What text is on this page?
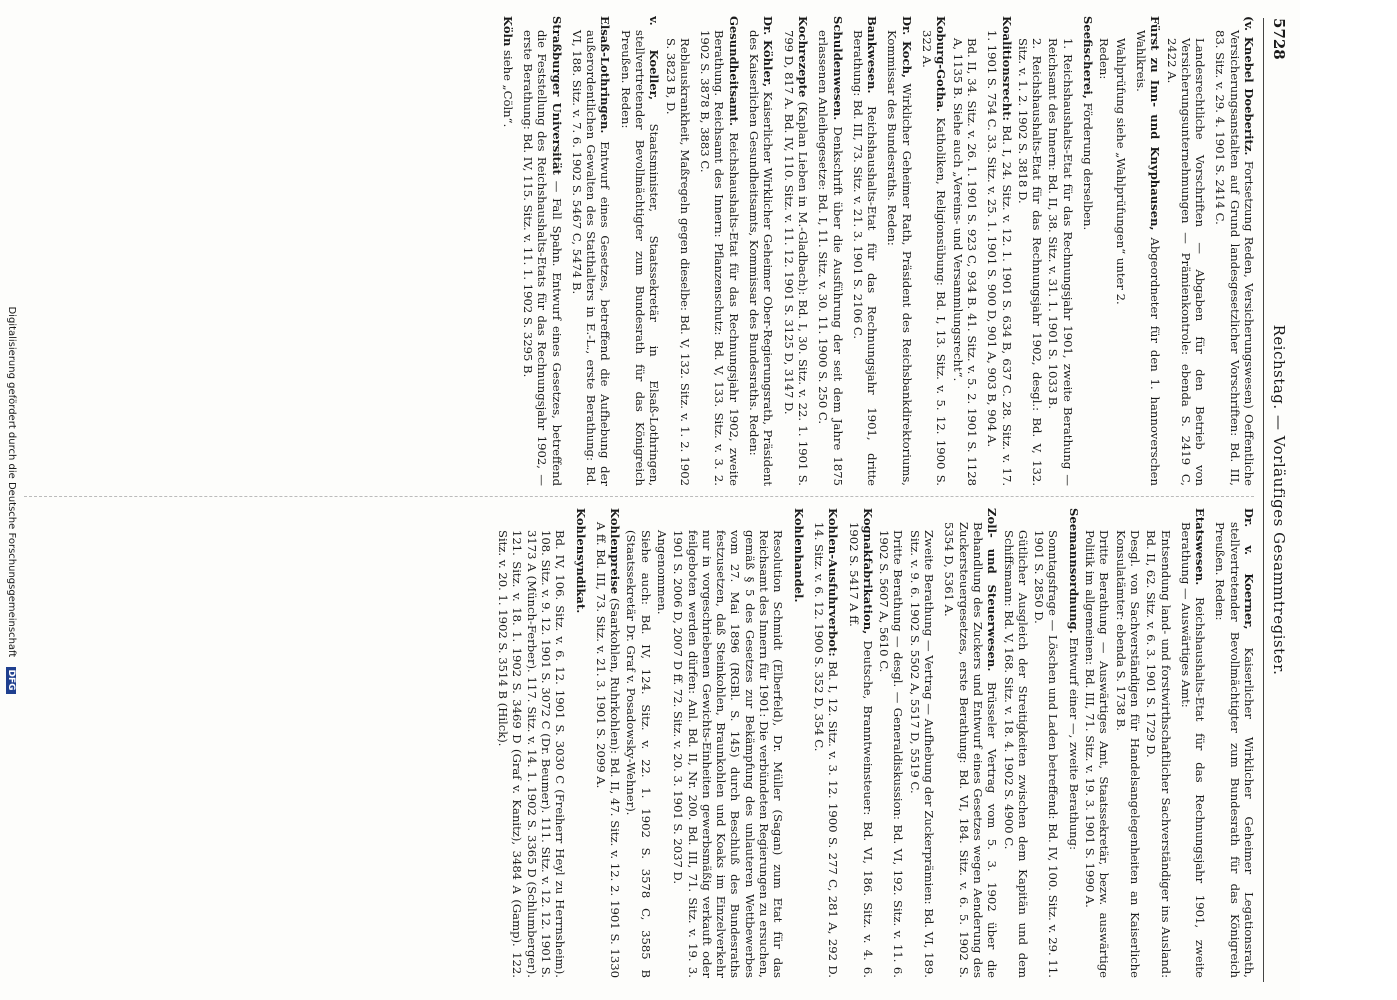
5728
Reichstag. — Vorläufiges Gesammtregister.
(v. Knebel Doeberitz. Fortsetzung Reden, Versicherungswesen) Oeffentliche Versicherungsanstalten auf Grund landesgesetzlicher Vorschriften: Bd. III, 83. Sitz. v. 29. 4. 1901 S. 2414 C.
Landesrechtliche Vorschriften — Abgaben für den Betrieb von Versicherungsunternehmungen — Prämienkontrole: ebenda S. 2419 C, 2422 A.
Fürst zu Inn- und Knyphausen, Abgeordneter für den 1. hannoverschen Wahlkreis.
Wahlprüfung siehe „Wahlprüfungen“ unter 2.
Reden:
Seefischerei, Förderung derselben.
1. Reichshaushalts-Etat für das Rechnungsjahr 1901, zweite Berathung — Reichsamt des Innern: Bd. II, 38. Sitz. v. 31. 1. 1901 S. 1033 B.
2. Reichshaushalts-Etat für das Rechnungsjahr 1902, desgl.: Bd. V, 132. Sitz. v. 1. 2. 1902 S. 3818 D.
Koalitionsrecht: Bd. I, 24. Sitz. v. 12. 1. 1901 S. 634 B, 637 C. 28. Sitz. v. 17. 1. 1901 S. 754 C. 33. Sitz. v. 25. 1. 1901 S. 900 D, 901 A, 903 B, 904 A.
Bd. II, 34. Sitz. v. 26. 1. 1901 S. 923 C, 934 B. 41. Sitz. v. 5. 2. 1901 S. 1128 A, 1135 B. Siehe auch „Vereins- und Versammlungsrecht“.
Koburg-Gotha. Katholiken, Religionsübung: Bd. I, 13. Sitz. v. 5. 12. 1900 S. 322 A.
Dr. Koch, Wirklicher Geheimer Rath, Präsident des Reichsbankdirektoriums, Kommissar des Bundesraths. Reden:
Bankwesen. Reichshaushalts-Etat für das Rechnungsjahr 1901, dritte Berathung: Bd. III, 73. Sitz. v. 21. 3. 1901 S. 2106 C.
Schuldenwesen. Denkschrift über die Ausführung der seit dem Jahre 1875 erlassenen Anleihegesetze: Bd. I, 11. Sitz. v. 30. 11. 1900 S. 250 C.
Kochrezepte (Kaplan Lieben in M.-Gladbach): Bd. I, 30. Sitz. v. 22. 1. 1901 S. 799 D, 817 A. Bd. IV, 110. Sitz. v. 11. 12. 1901 S. 3125 D, 3147 D.
Dr. Köhler, Kaiserlicher Wirklicher Geheimer Ober-Regierungsrath, Präsident des Kaiserlichen Gesundheitsamts, Kommissar des Bundesraths. Reden:
Gesundheitsamt. Reichshaushalts-Etat für das Rechnungsjahr 1902, zweite Berathung. Reichsamt des Innern: Pflanzenschutz: Bd. V, 133. Sitz. v. 3. 2. 1902 S. 3878 B, 3883 C.
Reblauskrankheit, Maßregeln gegen dieselbe: Bd. V, 132. Sitz. v. 1. 2. 1902 S. 3823 B, D.
v. Koeller, Staatsminister, Staatssekretär in Elsaß-Lothringen, stellvertretender Bevollmächtigter zum Bundesrath für das Königreich Preußen. Reden:
Elsaß-Lothringen. Entwurf eines Gesetzes, betreffend die Aufhebung der außerordentlichen Gewalten des Statthalters in E.-L., erste Berathung: Bd. VI, 188. Sitz. v. 7. 6. 1902 S. 5467 C, 5474 B.
Straßburger Universität — Fall Spahn. Entwurf eines Gesetzes, betreffend die Feststellung des Reichshaushalts-Etats für das Rechnungsjahr 1902, — erste Berathung: Bd. IV, 115. Sitz. v. 11. 1. 1902 S. 3295 B.
Köln siehe „Cöln“.
Dr. v. Koerner, Kaiserlicher Wirklicher Geheimer Legationsrath, stellvertretender Bevollmächtigter zum Bundesrath für das Königreich Preußen. Reden:
Etatswesen. Reichshaushalts-Etat für das Rechnungsjahr 1901, zweite Berathung — Auswärtiges Amt:
Entsendung land- und forstwirthschaftlicher Sachverständiger ins Ausland: Bd. II, 62. Sitz. v. 6. 3. 1901 S. 1729 D.
Desgl. von Sachverständigen für Handelsangelegenheiten an Kaiserliche Konsulatämter: ebenda S. 1738 B.
Dritte Berathung — Auswärtiges Amt, Staatssekretär, bezw. auswärtige Politik im allgemeinen: Bd. III, 71. Sitz. v. 19. 3. 1901 S. 1990 A.
Seemannsordnung. Entwurf einer —, zweite Berathung:
Sonntagsfrage — Löschen und Laden betreffend: Bd. IV, 100. Sitz. v. 29. 11. 1901 S. 2850 D.
Gütlicher Ausgleich der Streitigkeiten zwischen dem Kapitän und dem Schiffsmann: Bd. V, 168. Sitz. v. 18. 4. 1902 S. 4900 C.
Zoll- und Steuerwesen. Brüsseler Vertrag vom 5. 3. 1902 über die Behandlung des Zuckers und Entwurf eines Gesetzes wegen Aenderung des Zuckersteuergesetzes, erste Berathung: Bd. VI, 184. Sitz. v. 6. 5. 1902 S. 5354 D, 5361 A.
Zweite Berathung — Vertrag — Aufhebung der Zuckerprämien: Bd. VI, 189. Sitz. v. 9. 6. 1902 S. 5502 A, 5517 D, 5519 C.
Dritte Berathung — desgl. — Generaldiskussion: Bd. VI, 192. Sitz. v. 11. 6. 1902 S. 5607 A, 5610 C.
Kognakfabrikation, Deutsche, Branntweinsteuer: Bd. VI, 186. Sitz. v. 4. 6. 1902 S. 5417 A ff.
Kohlen-Ausfuhrverbot: Bd. I, 12. Sitz. v. 3. 12. 1900 S. 277 C, 281 A, 292 D. 14. Sitz. v. 6. 12. 1900 S. 352 D, 354 C.
Kohlenhandel.
Resolution Schmidt (Elberfeld), Dr. Müller (Sagan) zum Etat für das Reichsamt des Innern für 1901: Die verbündeten Regierungen zu ersuchen, gemäß § 5 des Gesetzes zur Bekämpfung des unlauteren Wettbewerbes vom 27. Mai 1896 (RGBl. S. 145) durch Beschluß des Bundesraths festzusetzen, daß Steinkohlen, Braunkohlen und Koaks im Einzelverkehr nur in vorgeschriebenen Gewichts-Einheiten gewerbsmäßig verkauft oder feilgeboten werden dürfen: Anl. Bd. II, Nr. 200. Bd. III, 71. Sitz. v. 19. 3. 1901 S. 2006 D, 2007 D ff. 72. Sitz. v. 20. 3. 1901 S. 2037 D.
Angenommen.
Siehe auch: Bd. IV, 124. Sitz. v. 22. 1. 1902 S. 3578 C, 3585 B (Staatssekretär Dr. Graf v. Posadowsky-Wehner).
Kohlenpreise (Saarkohlen, Ruhrkohlen): Bd. II, 47. Sitz. v. 12. 2. 1901 S. 1330 A ff. Bd. III, 73. Sitz. v. 21. 3. 1901 S. 2099 A.
Kohlensyndikat.
Bd. IV, 106. Sitz. v. 6. 12. 1901 S. 3030 C (Freiherr Heyl zu Herrnsheim). 108. Sitz. v. 9. 12. 1901 S. 3072 C (Dr. Beumer). 111. Sitz. v. 12. 12. 1901 S. 3173 A (Münch-Ferber). 117. Sitz. v. 14. 1. 1902 S. 3365 D (Schlumberger). 121. Sitz. v. 18. 1. 1902 S. 3469 D (Graf v. Kanitz), 3484 A (Gamp). 122. Sitz. v. 20. 1. 1902 S. 3514 B (Hilck).
Digitalisierung gefördert durch die Deutsche Forschungsgemeinschaft DFG
